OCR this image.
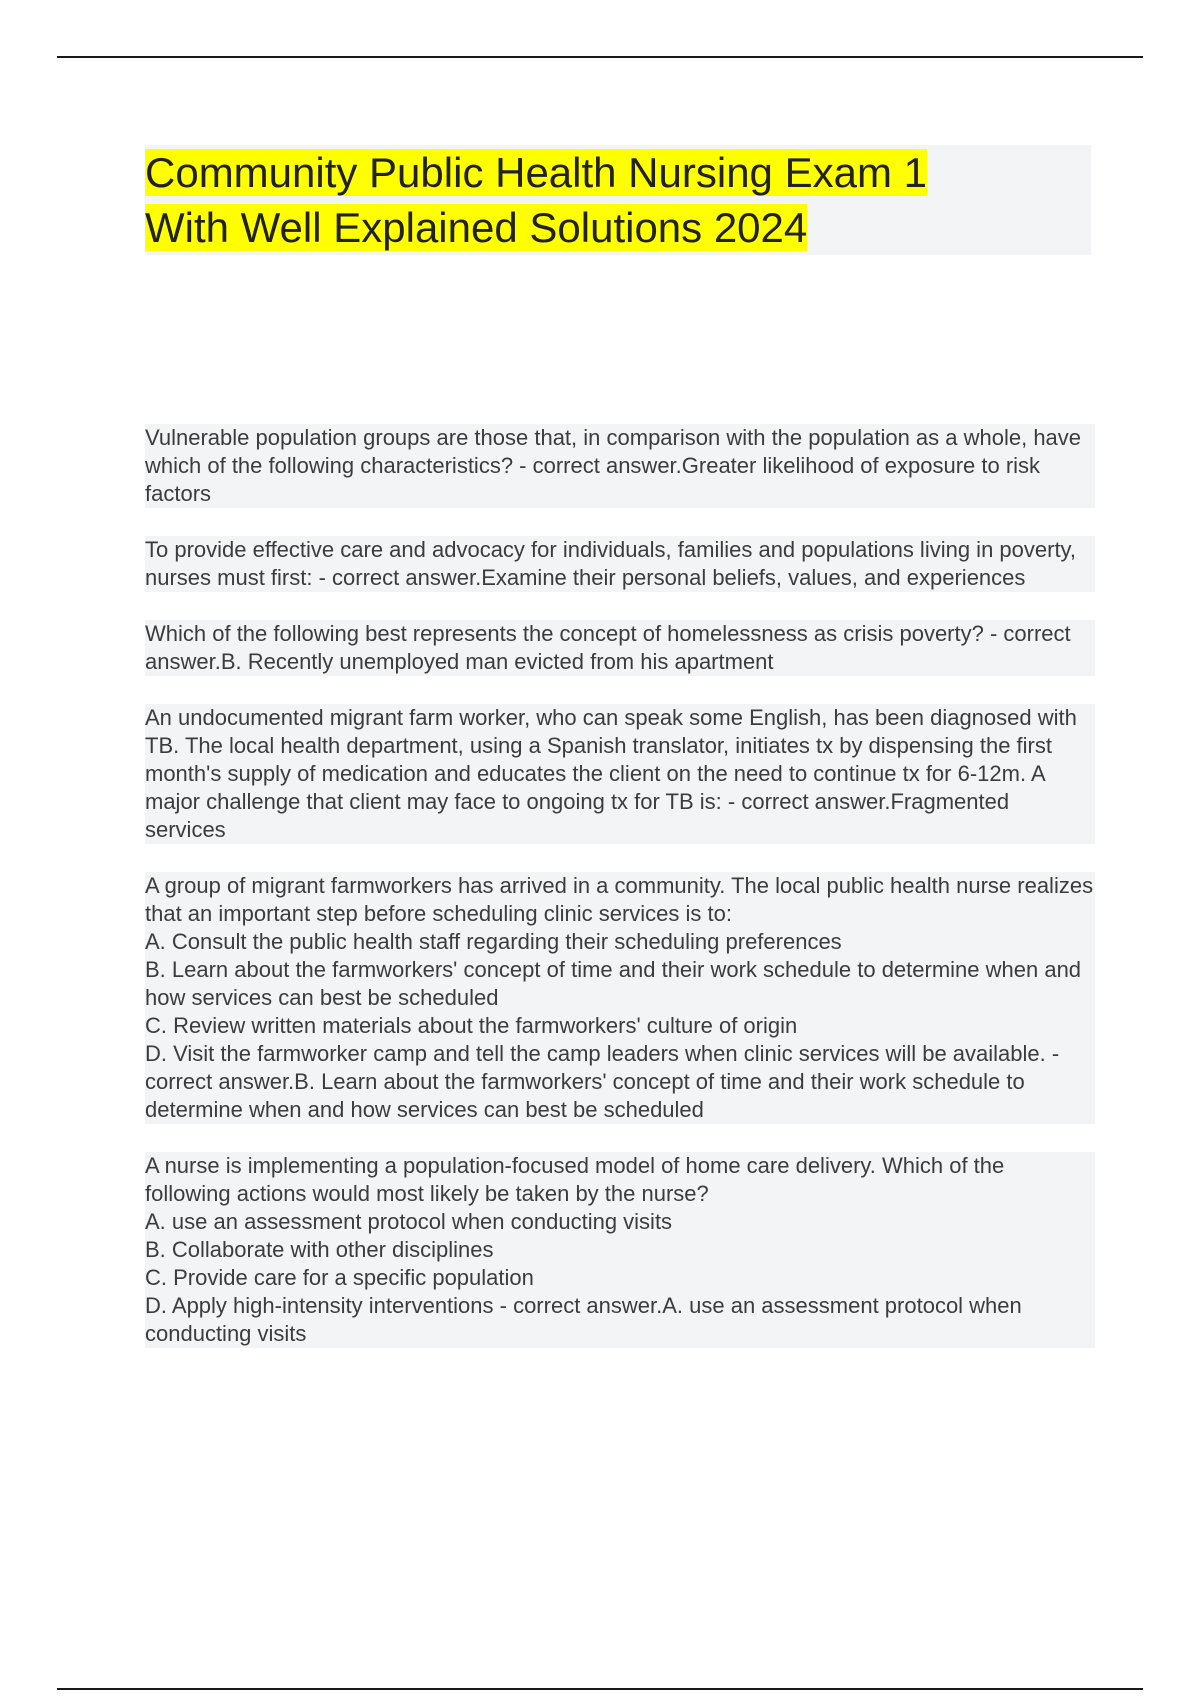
Community Public Health Nursing Exam 1
With Well Explained Solutions 2024

Vulnerable population groups are those that, in comparison with the population as a whole, have which of the following characteristics? - correct answer.Greater likelihood of exposure to risk factors

To provide effective care and advocacy for individuals, families and populations living in poverty, nurses must first: - correct answer.Examine their personal beliefs, values, and experiences

Which of the following best represents the concept of homelessness as crisis poverty? - correct answer.B. Recently unemployed man evicted from his apartment

An undocumented migrant farm worker, who can speak some English, has been diagnosed with TB. The local health department, using a Spanish translator, initiates tx by dispensing the first month's supply of medication and educates the client on the need to continue tx for 6-12m. A major challenge that client may face to ongoing tx for TB is: - correct answer.Fragmented services

A group of migrant farmworkers has arrived in a community. The local public health nurse realizes that an important step before scheduling clinic services is to:
A. Consult the public health staff regarding their scheduling preferences
B. Learn about the farmworkers' concept of time and their work schedule to determine when and how services can best be scheduled
C. Review written materials about the farmworkers' culture of origin
D. Visit the farmworker camp and tell the camp leaders when clinic services will be available. - correct answer.B. Learn about the farmworkers' concept of time and their work schedule to determine when and how services can best be scheduled

A nurse is implementing a population-focused model of home care delivery. Which of the following actions would most likely be taken by the nurse?
A. use an assessment protocol when conducting visits
B. Collaborate with other disciplines
C. Provide care for a specific population
D. Apply high-intensity interventions - correct answer.A. use an assessment protocol when conducting visits
